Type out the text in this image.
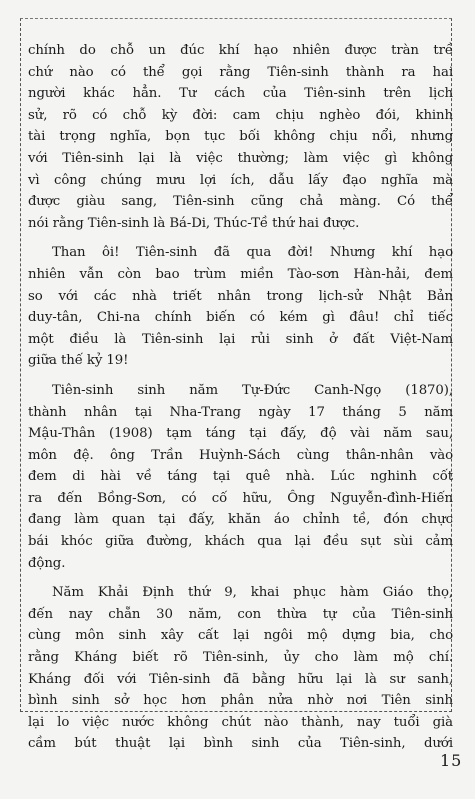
chính do chỗ un đúc khí hạo nhiên được tràn trề
chứ nào có thể gọi rằng Tiên-sinh thành ra hai
người khác hẳn. Tư cách của Tiên-sinh trên lịch
sử, rõ có chỗ kỳ đời: cam chịu nghèo đói, khinh
tài trọng nghĩa, bọn tục bối không chịu nổi, nhưng
với Tiên-sinh lại là việc thường; làm việc gì không
vì công chúng mưu lợi ích, dẫu lấy đạo nghĩa mà
được giàu sang, Tiên-sinh cũng chả màng. Có thể
nói rằng Tiên-sinh là Bá-Di, Thúc-Tề thứ hai được.
Than ôi! Tiên-sinh đã qua đời! Nhưng khí hạo
nhiên vẫn còn bao trùm miền Tào-sơn Hàn-hải, đem
so với các nhà triết nhân trong lịch-sử Nhật Bản
duy-tân, Chi-na chính biến có kém gì đâu! chỉ tiếc
một điều là Tiên-sinh lại rủi sinh ở đất Việt-Nam
giữa thế kỷ 19!
Tiên-sinh sinh năm Tự-Đức Canh-Ngọ (1870),
thành nhân tại Nha-Trang ngày 17 tháng 5 năm
Mậu-Thân (1908) tạm táng tại đấy, độ vài năm sau,
môn đệ. ông Trần Huỳnh-Sách cùng thân-nhân vào
đem di hài về táng tại quê nhà. Lúc nghinh cốt
ra đến Bồng-Sơn, có cố hữu, Ông Nguyễn-đình-Hiến
đang làm quan tại đấy, khăn áo chỉnh tề, đón chực
bái khóc giữa đường, khách qua lại đều sụt sùi cảm
động.
Năm Khải Định thứ 9, khai phục hàm Giáo thọ,
đến nay chẵn 30 năm, con thừa tự của Tiên-sinh
cùng môn sinh xây cất lại ngôi mộ dựng bia, cho
rằng Kháng biết rõ Tiên-sinh, ủy cho làm mộ chí.
Kháng đối với Tiên-sinh đã bằng hữu lại là sư sanh,
bình sinh sở học hơn phân nửa nhờ nơi Tiên sinh
lại lo việc nước không chút nào thành, nay tuổi già
cầm bút thuật lại bình sinh của Tiên-sinh, dưới
15
